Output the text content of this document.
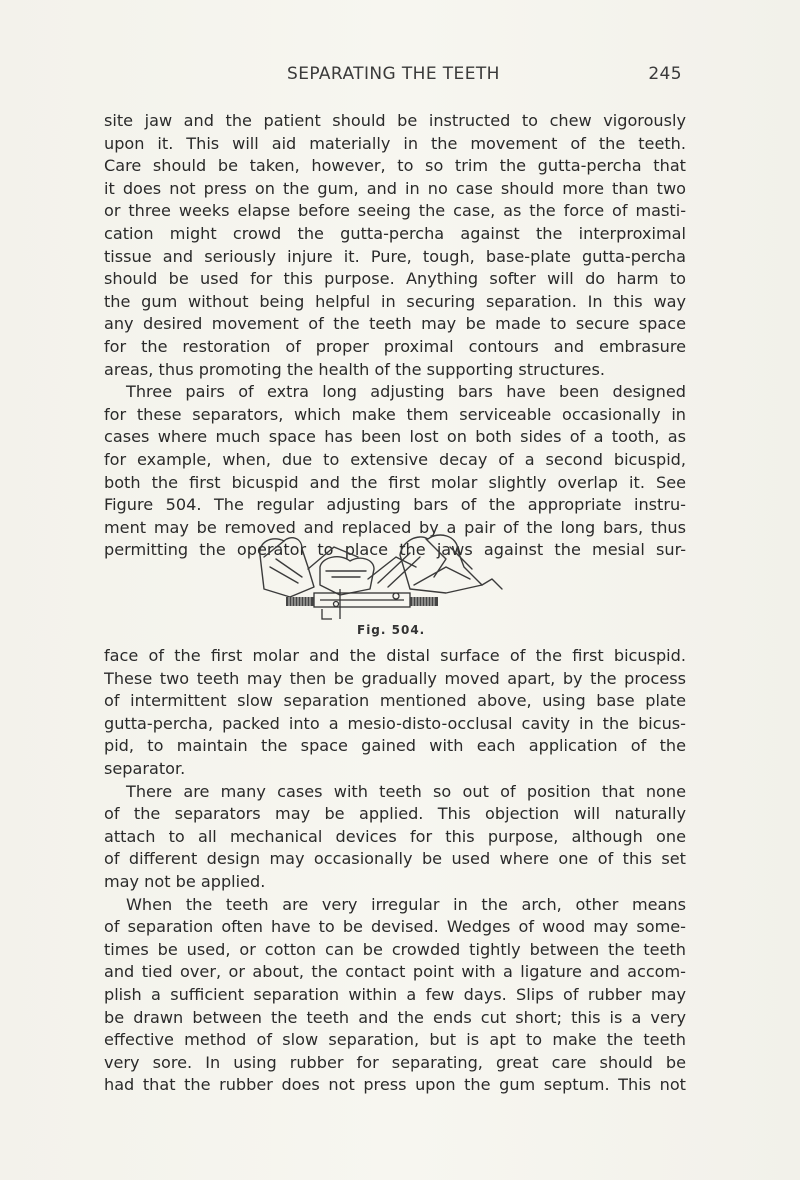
SEPARATING THE TEETH	245
site jaw and the patient should be instructed to chew vigorously
upon it. This will aid materially in the movement of the teeth.
Care should be taken, however, to so trim the gutta-percha that
it does not press on the gum, and in no case should more than two
or three weeks elapse before seeing the case, as the force of masti-
cation might crowd the gutta-percha against the interproximal
tissue and seriously injure it. Pure, tough, base-plate gutta-percha
should be used for this purpose. Anything softer will do harm to
the gum without being helpful in securing separation. In this way
any desired movement of the teeth may be made to secure space
for the restoration of proper proximal contours and embrasure
areas, thus promoting the health of the supporting structures.
Three pairs of extra long adjusting bars have been designed
for these separators, which make them serviceable occasionally in
cases where much space has been lost on both sides of a tooth, as
for example, when, due to extensive decay of a second bicuspid,
both the first bicuspid and the first molar slightly overlap it. See
Figure 504. The regular adjusting bars of the appropriate instru-
ment may be removed and replaced by a pair of the long bars, thus
permitting the operator to place the jaws against the mesial sur-
Fig. 504.
face of the first molar and the distal surface of the first bicuspid.
These two teeth may then be gradually moved apart, by the process
of intermittent slow separation mentioned above, using base plate
gutta-percha, packed into a mesio-disto-occlusal cavity in the bicus-
pid, to maintain the space gained with each application of the
separator.
There are many cases with teeth so out of position that none
of the separators may be applied. This objection will naturally
attach to all mechanical devices for this purpose, although one
of different design may occasionally be used where one of this set
may not be applied.
When the teeth are very irregular in the arch, other means
of separation often have to be devised. Wedges of wood may some-
times be used, or cotton can be crowded tightly between the teeth
and tied over, or about, the contact point with a ligature and accom-
plish a sufficient separation within a few days. Slips of rubber may
be drawn between the teeth and the ends cut short; this is a very
effective method of slow separation, but is apt to make the teeth
very sore. In using rubber for separating, great care should be
had that the rubber does not press upon the gum septum. This not
